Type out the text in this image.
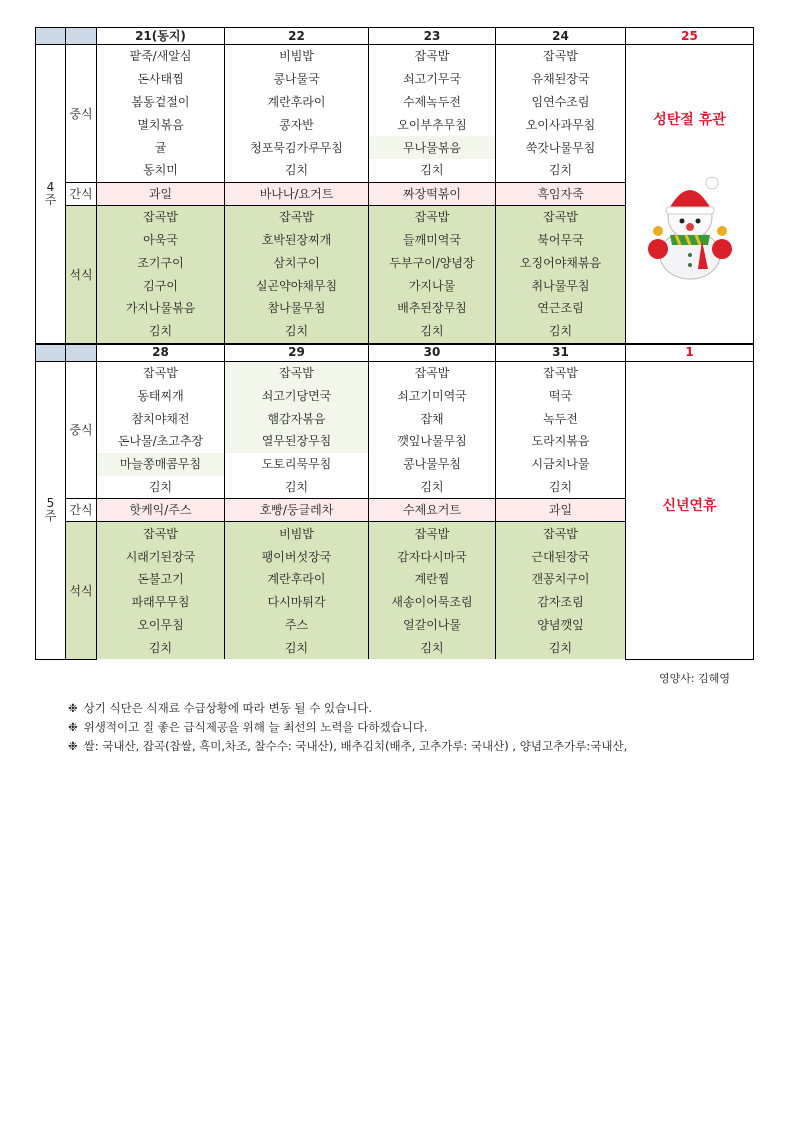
		21(동지)	22	23	24	25
4
주	중식	팥죽/새알심	비빔밥	잡곡밥	잡곡밥	성탄절 휴관

		돈사태찜	콩나물국	쇠고기무국	유채된장국	
		봄동겉절이	계란후라이	수제녹두전	임연수조림	
		멸치볶음	콩자반	오이부추무침	오이사과무침	
		귤	청포묵김가루무침	무나물볶음	쑥갓나물무침	
		동치미	김치	김치	김치	
	간식	과일	바나나/요거트	짜장떡볶이	흑임자죽	
	석식	잡곡밥	잡곡밥	잡곡밥	잡곡밥	
		아욱국	호박된장찌개	들깨미역국	북어무국	
		조기구이	삼치구이	두부구이/양념장	오징어야채볶음	
		김구이	실곤약야채무침	가지나물	취나물무침	
		가지나물볶음	참나물무침	배추된장무침	연근조림	
		김치	김치	김치	김치	
		28	29	30	31	1
5
주	중식	잡곡밥	잡곡밥	잡곡밥	잡곡밥	신년연휴

		동태찌개	쇠고기당면국	쇠고기미역국	떡국	
		참치야채전	햄감자볶음	잡채	녹두전	
		돈나물/초고추장	열무된장무침	깻잎나물무침	도라지볶음	
		마늘쫑매콤무침	도토리묵무침	콩나물무침	시금치나물	
		김치	김치	김치	김치	
	간식	핫케익/주스	호빵/둥글레차	수제요거트	과일	
	석식	잡곡밥	비빔밥	잡곡밥	잡곡밥	
		시래기된장국	팽이버섯장국	감자다시마국	근대된장국	
		돈불고기	계란후라이	계란찜	갠꽁치구이	
		파래무무침	다시마튀각	새송이어묵조림	감자조림	
		오이무침	주스	얼갈이나물	양념깻잎	
		김치	김치	김치	김치	
영양사: 김혜영
❉ 상기 식단은 식재료 수급상황에 따라 변동 될 수 있습니다.
❉ 위생적이고 질 좋은 급식제공을 위해 늘 최선의 노력을 다하겠습니다.
❉ 쌀: 국내산, 잡곡(찹쌀, 흑미,차조, 찰수수: 국내산), 배추김치(배추, 고추가루: 국내산) , 양념고추가루:국내산,
